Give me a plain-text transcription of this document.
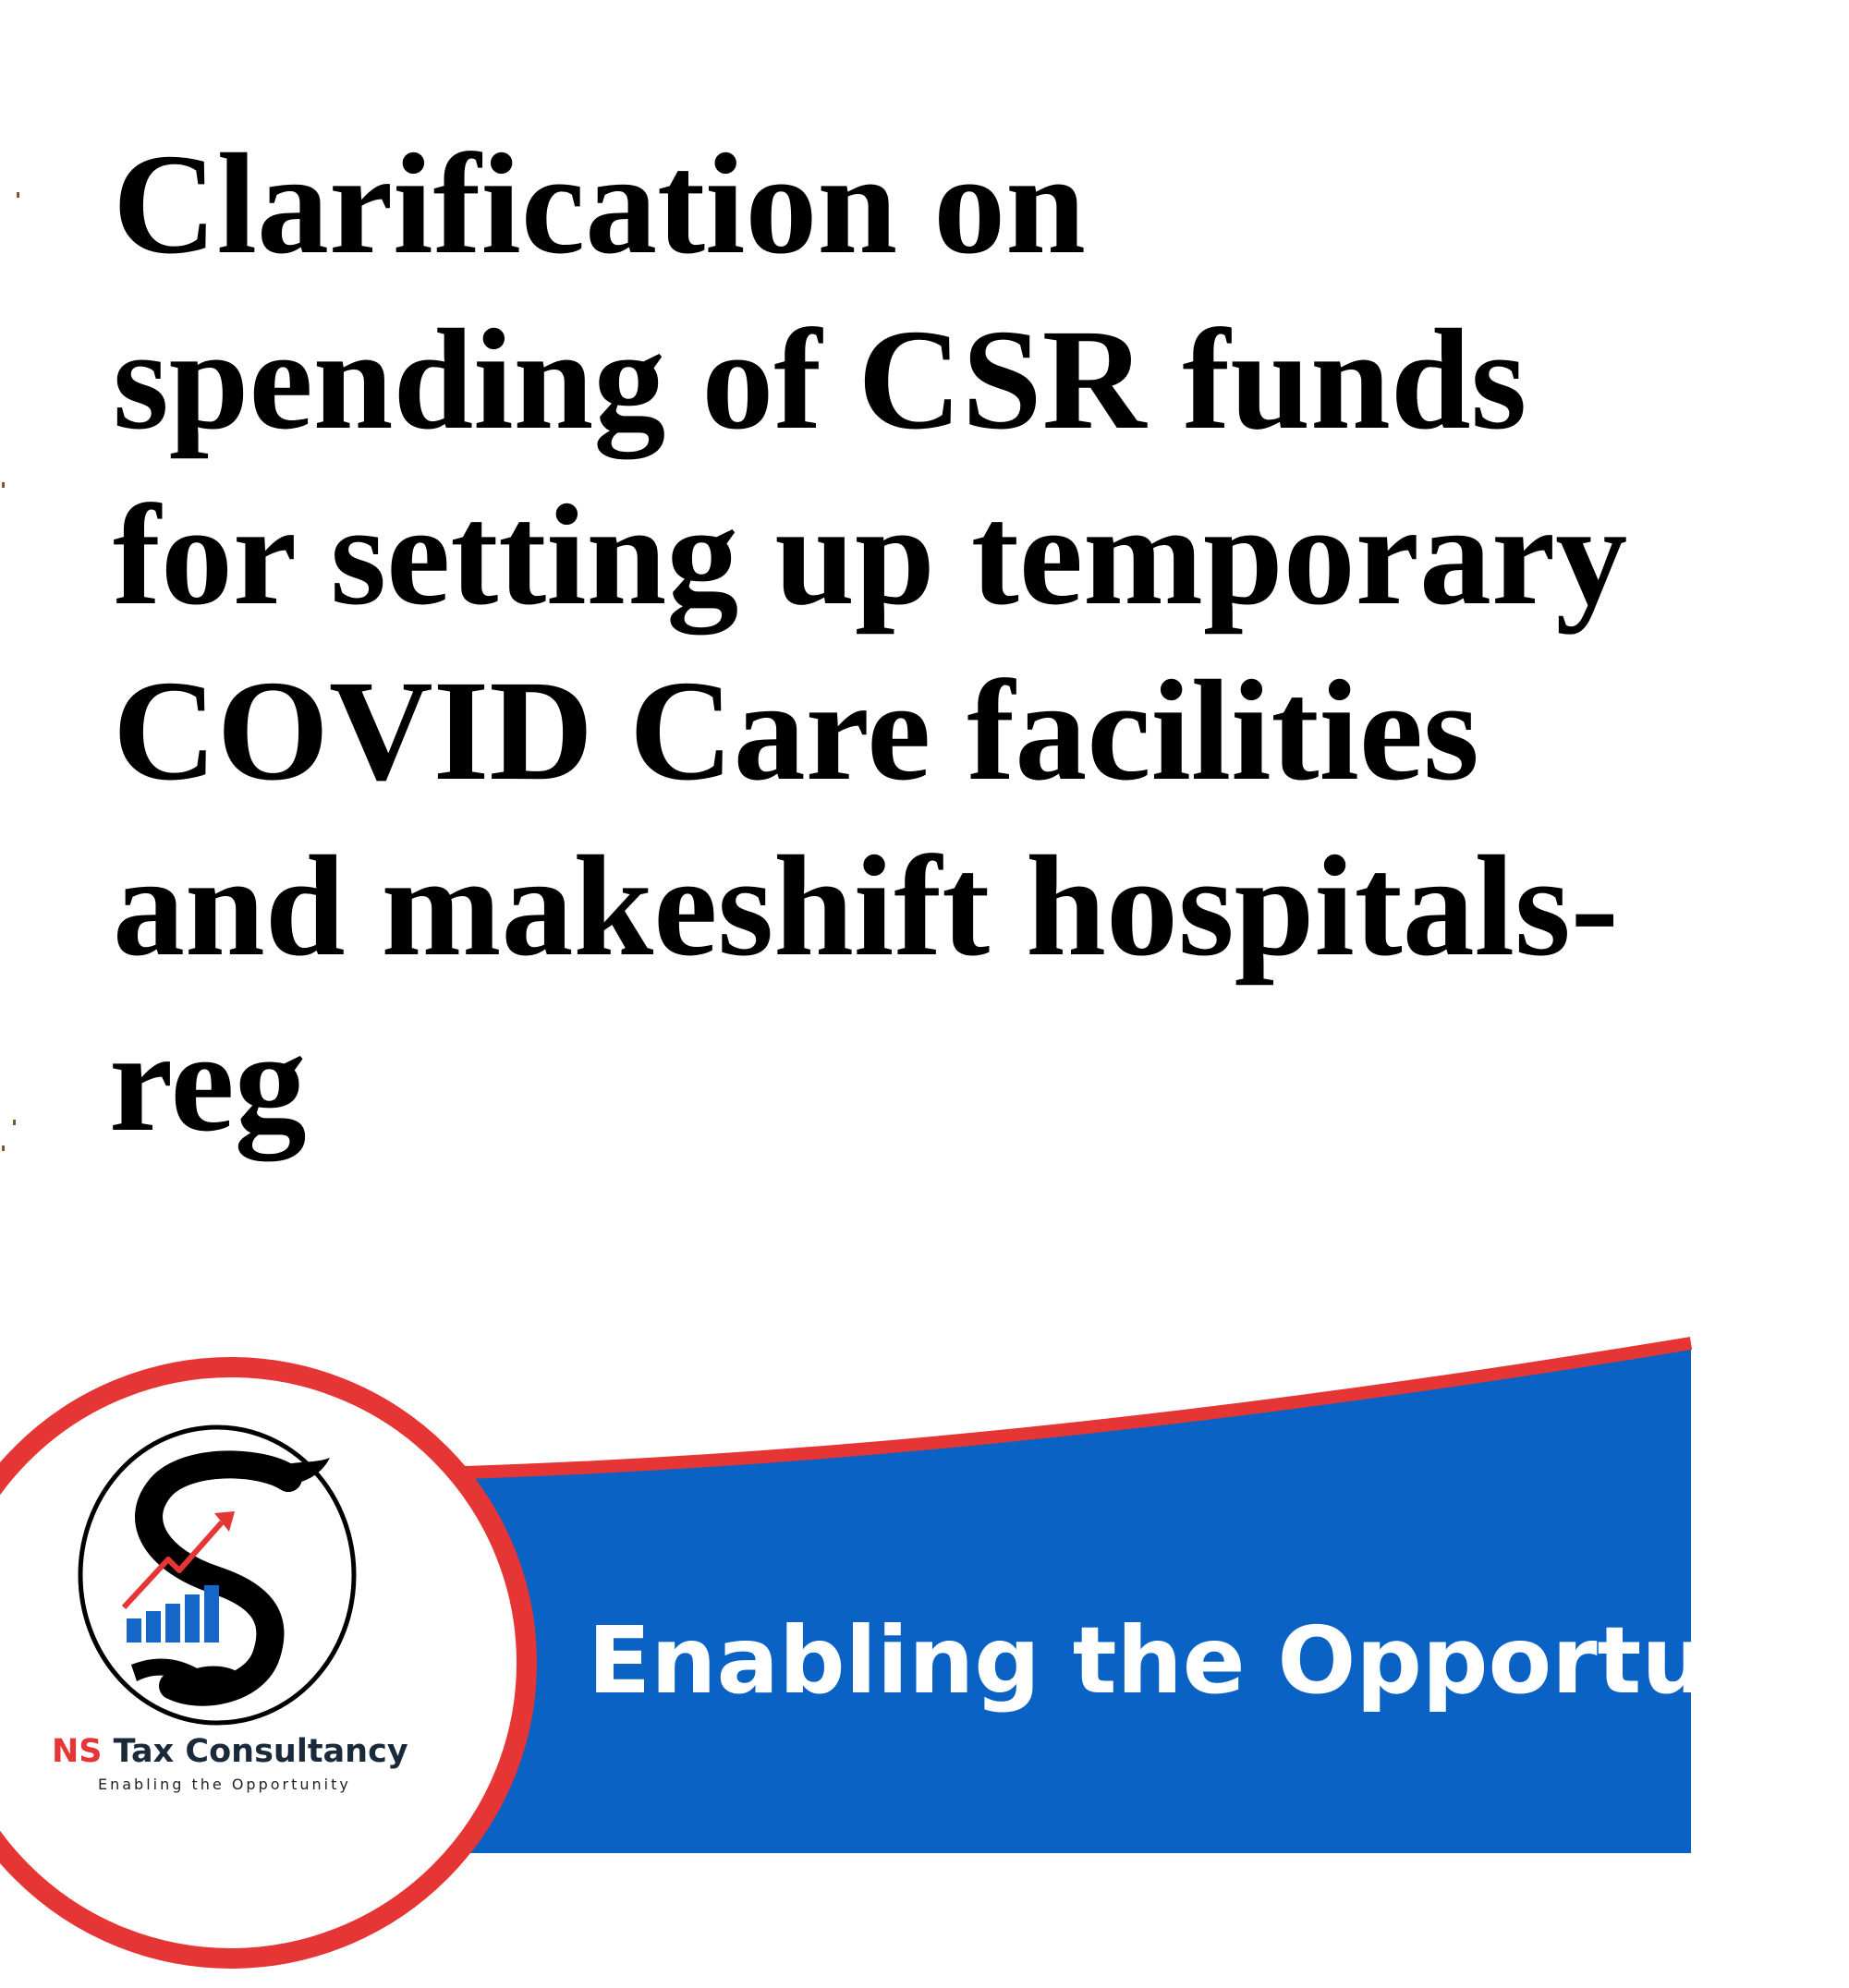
Clarification on
spending of CSR funds
for setting up temporary
COVID Care facilities
and makeshift hospitals-
reg
Enabling the Opportunit
NS Tax Consultancy
Enabling the Opportunity
